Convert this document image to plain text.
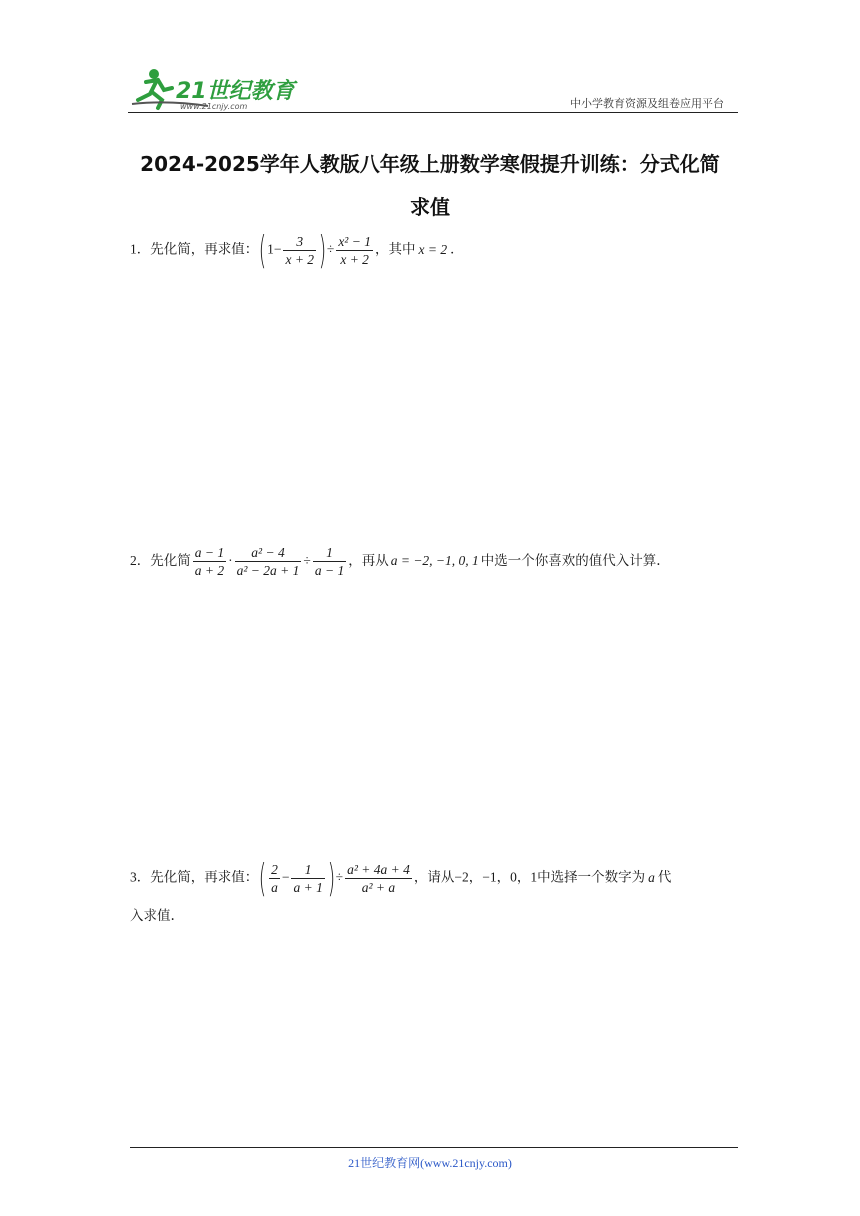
21世纪教育
www.21cnjy.com	中小学教育资源及组卷应用平台
2024-2025学年人教版八年级上册数学寒假提升训练：分式化简
求值
1．先化简，再求值：($1- \frac{3}{x + 2}$ )÷ $\frac{\text{x² − 1}}{x + 2}$ ，其中 x = 2 ．
2．先化简 $\frac{a - 1}{a + 2} \cdot \frac{\text{a² − 4}}{\text{a² − 2a + 1}} \div \frac{1}{a - 1}$ ，再从 a = −2, −1, 0, 1 中选一个你喜欢的值代入计算.
3．先化简，再求值：( $\frac{2}{a} - \frac{1}{a + 1}$ )÷ $\frac{\text{a² + 4a + 4}}{\text{a² + a}}$ ，请从−2，−1，0，1中选择一个数字为 a 代
入求值.
21世纪教育网(www.21cnjy.com)
